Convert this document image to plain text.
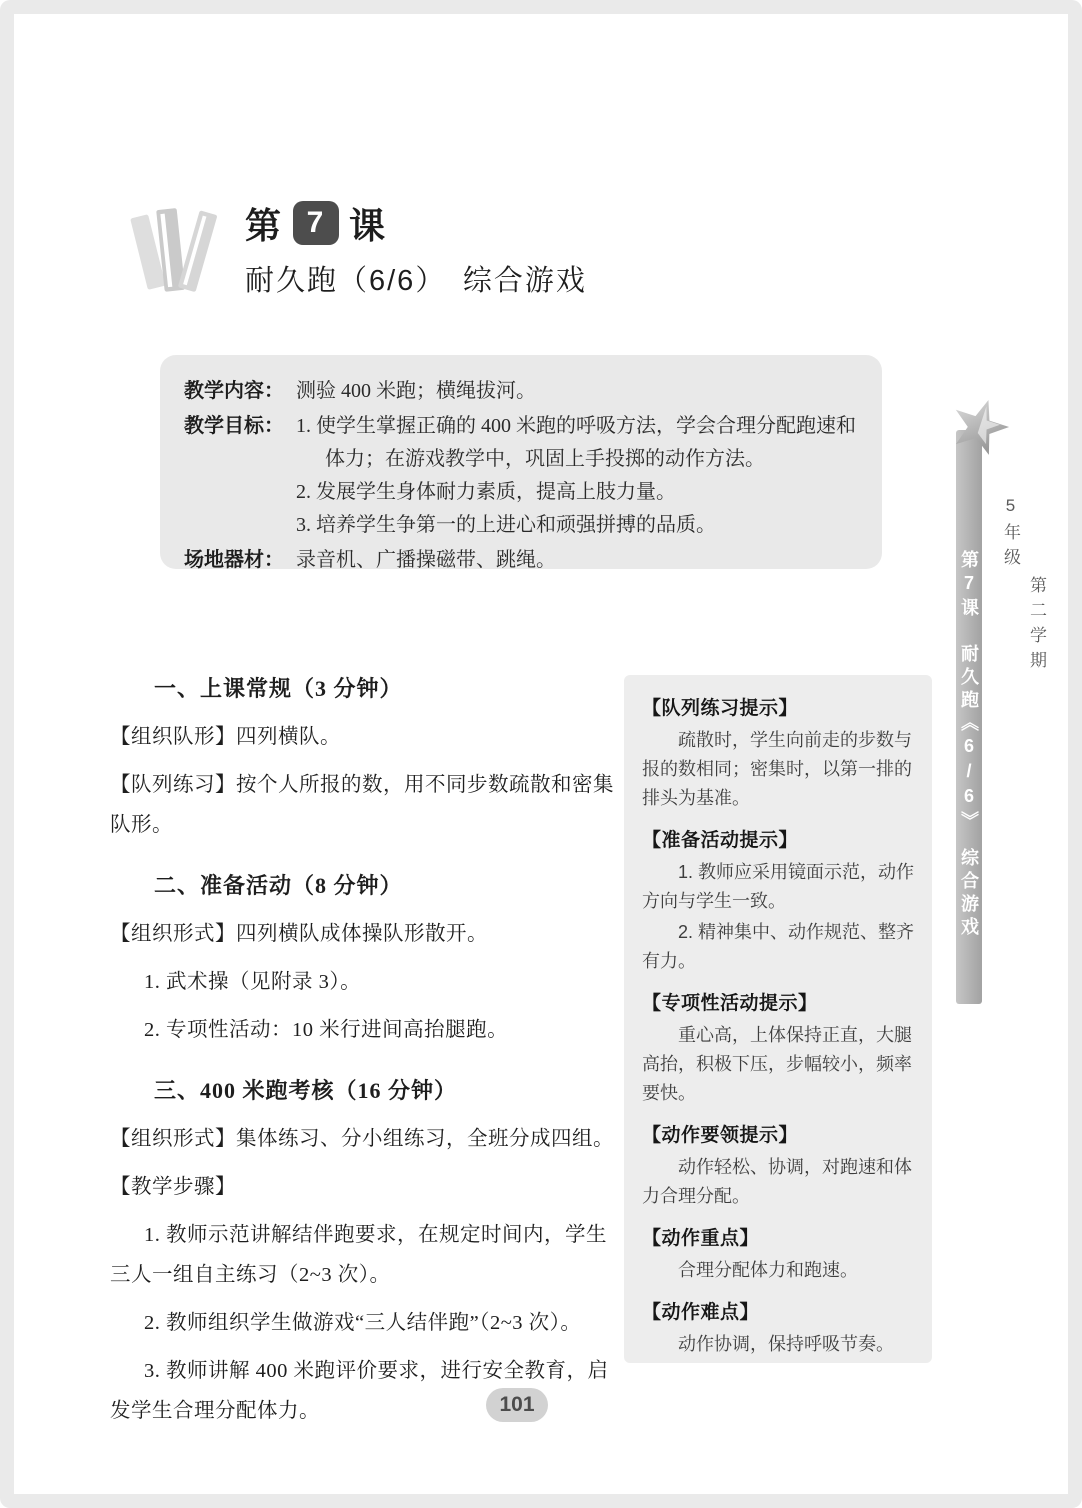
第 7 课
耐久跑（6/6）　综合游戏
教学内容： 测验 400 米跑；横绳拔河。
教学目标： 1. 使学生掌握正确的 400 米跑的呼吸方法，学会合理分配跑速和体力；在游戏教学中，巩固上手投掷的动作方法。
2. 发展学生身体耐力素质，提高上肢力量。
3. 培养学生争第一的上进心和顽强拼搏的品质。
场地器材： 录音机、广播操磁带、跳绳。
一、上课常规（3 分钟）

【组织队形】四列横队。

【队列练习】按个人所报的数，用不同步数疏散和密集队形。

二、准备活动（8 分钟）

【组织形式】四列横队成体操队形散开。

1. 武术操（见附录 3）。

2. 专项性活动：10 米行进间高抬腿跑。

三、400 米跑考核（16 分钟）

【组织形式】集体练习、分小组练习，全班分成四组。

【教学步骤】

1. 教师示范讲解结伴跑要求，在规定时间内，学生三人一组自主练习（2~3 次）。

2. 教师组织学生做游戏“三人结伴跑”（2~3 次）。

3. 教师讲解 400 米跑评价要求，进行安全教育，启发学生合理分配体力。

【队列练习提示】

疏散时，学生向前走的步数与报的数相同；密集时，以第一排的排头为基准。

【准备活动提示】

1. 教师应采用镜面示范，动作方向与学生一致。

2. 精神集中、动作规范、整齐有力。

【专项性活动提示】

重心高，上体保持正直，大腿高抬，积极下压，步幅较小，频率要快。

【动作要领提示】

动作轻松、协调，对跑速和体力合理分配。

【动作重点】

合理分配体力和跑速。

【动作难点】

动作协调，保持呼吸节奏。

第7课　耐久跑《6/6》　综合游戏
5年级
第二学期
101
